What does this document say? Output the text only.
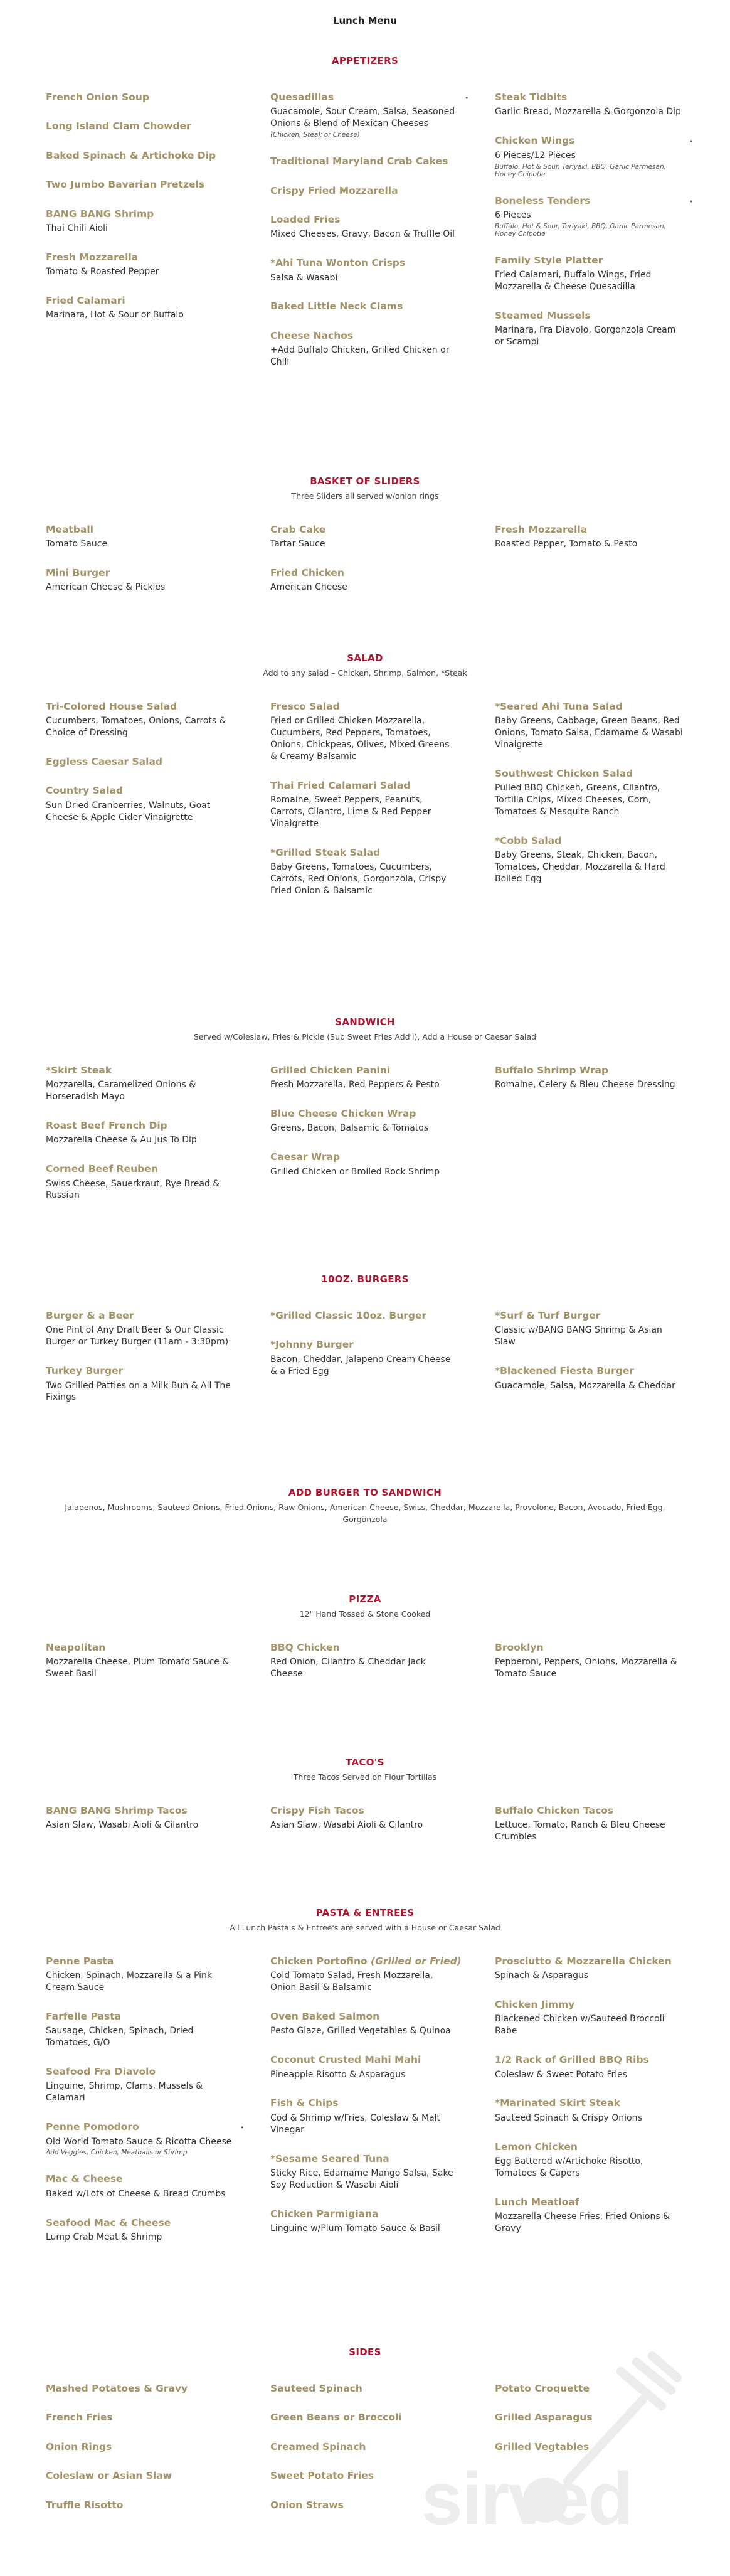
Lunch Menu
APPETIZERS
French Onion Soup
Long Island Clam Chowder
Baked Spinach & Artichoke Dip
Two Jumbo Bavarian Pretzels
BANG BANG Shrimp
Thai Chili Aioli
Fresh Mozzarella
Tomato & Roasted Pepper
Fried Calamari
Marinara, Hot & Sour or Buffalo
Quesadillas
Guacamole, Sour Cream, Salsa, Seasoned Onions & Blend of Mexican Cheeses
(Chicken, Steak or Cheese)
•
Traditional Maryland Crab Cakes
Crispy Fried Mozzarella
Loaded Fries
Mixed Cheeses, Gravy, Bacon & Truffle Oil
*Ahi Tuna Wonton Crisps
Salsa & Wasabi
Baked Little Neck Clams
Cheese Nachos
+Add Buffalo Chicken, Grilled Chicken or Chili
Steak Tidbits
Garlic Bread, Mozzarella & Gorgonzola Dip
Chicken Wings
6 Pieces/12 Pieces
Buffalo, Hot & Sour, Teriyaki, BBQ, Garlic Parmesan, Honey Chipotle
•
Boneless Tenders
6 Pieces
Buffalo, Hot & Sour, Teriyaki, BBQ, Garlic Parmesan, Honey Chipotle
•
Family Style Platter
Fried Calamari, Buffalo Wings, Fried Mozzarella & Cheese Quesadilla
Steamed Mussels
Marinara, Fra Diavolo, Gorgonzola Cream or Scampi
BASKET OF SLIDERS
Three Sliders all served w/onion rings
Meatball
Tomato Sauce
Mini Burger
American Cheese & Pickles
Crab Cake
Tartar Sauce
Fried Chicken
American Cheese
Fresh Mozzarella
Roasted Pepper, Tomato & Pesto
SALAD
Add to any salad – Chicken, Shrimp, Salmon, *Steak
Tri-Colored House Salad
Cucumbers, Tomatoes, Onions, Carrots & Choice of Dressing
Eggless Caesar Salad
Country Salad
Sun Dried Cranberries, Walnuts, Goat Cheese & Apple Cider Vinaigrette
Fresco Salad
Fried or Grilled Chicken Mozzarella, Cucumbers, Red Peppers, Tomatoes, Onions, Chickpeas, Olives, Mixed Greens & Creamy Balsamic
Thai Fried Calamari Salad
Romaine, Sweet Peppers, Peanuts, Carrots, Cilantro, Lime & Red Pepper Vinaigrette
*Grilled Steak Salad
Baby Greens, Tomatoes, Cucumbers, Carrots, Red Onions, Gorgonzola, Crispy Fried Onion & Balsamic
*Seared Ahi Tuna Salad
Baby Greens, Cabbage, Green Beans, Red Onions, Tomato Salsa, Edamame & Wasabi Vinaigrette
Southwest Chicken Salad
Pulled BBQ Chicken, Greens, Cilantro, Tortilla Chips, Mixed Cheeses, Corn, Tomatoes & Mesquite Ranch
*Cobb Salad
Baby Greens, Steak, Chicken, Bacon, Tomatoes, Cheddar, Mozzarella & Hard Boiled Egg
SANDWICH
Served w/Coleslaw, Fries & Pickle (Sub Sweet Fries Add'l), Add a House or Caesar Salad
*Skirt Steak
Mozzarella, Caramelized Onions & Horseradish Mayo
Roast Beef French Dip
Mozzarella Cheese & Au Jus To Dip
Corned Beef Reuben
Swiss Cheese, Sauerkraut, Rye Bread & Russian
Grilled Chicken Panini
Fresh Mozzarella, Red Peppers & Pesto
Blue Cheese Chicken Wrap
Greens, Bacon, Balsamic & Tomatos
Caesar Wrap
Grilled Chicken or Broiled Rock Shrimp
Buffalo Shrimp Wrap
Romaine, Celery & Bleu Cheese Dressing
10OZ. BURGERS
Burger & a Beer
One Pint of Any Draft Beer & Our Classic Burger or Turkey Burger (11am - 3:30pm)
Turkey Burger
Two Grilled Patties on a Milk Bun & All The Fixings
*Grilled Classic 10oz. Burger
*Johnny Burger
Bacon, Cheddar, Jalapeno Cream Cheese & a Fried Egg
*Surf & Turf Burger
Classic w/BANG BANG Shrimp & Asian Slaw
*Blackened Fiesta Burger
Guacamole, Salsa, Mozzarella & Cheddar
ADD BURGER TO SANDWICH
Jalapenos, Mushrooms, Sauteed Onions, Fried Onions, Raw Onions, American Cheese, Swiss, Cheddar, Mozzarella, Provolone, Bacon, Avocado, Fried Egg, Gorgonzola
PIZZA
12" Hand Tossed & Stone Cooked
Neapolitan
Mozzarella Cheese, Plum Tomato Sauce & Sweet Basil
BBQ Chicken
Red Onion, Cilantro & Cheddar Jack Cheese
Brooklyn
Pepperoni, Peppers, Onions, Mozzarella & Tomato Sauce
TACO'S
Three Tacos Served on Flour Tortillas
BANG BANG Shrimp Tacos
Asian Slaw, Wasabi Aioli & Cilantro
Crispy Fish Tacos
Asian Slaw, Wasabi Aioli & Cilantro
Buffalo Chicken Tacos
Lettuce, Tomato, Ranch & Bleu Cheese Crumbles
PASTA & ENTREES
All Lunch Pasta's & Entree's are served with a House or Caesar Salad
Penne Pasta
Chicken, Spinach, Mozzarella & a Pink Cream Sauce
Farfelle Pasta
Sausage, Chicken, Spinach, Dried Tomatoes, G/O
Seafood Fra Diavolo
Linguine, Shrimp, Clams, Mussels & Calamari
Penne Pomodoro
Old World Tomato Sauce & Ricotta Cheese
Add Veggies, Chicken, Meatballs or Shrimp
•
Mac & Cheese
Baked w/Lots of Cheese & Bread Crumbs
Seafood Mac & Cheese
Lump Crab Meat & Shrimp
Chicken Portofino (Grilled or Fried)
Cold Tomato Salad, Fresh Mozzarella, Onion Basil & Balsamic
Oven Baked Salmon
Pesto Glaze, Grilled Vegetables & Quinoa
Coconut Crusted Mahi Mahi
Pineapple Risotto & Asparagus
Fish & Chips
Cod & Shrimp w/Fries, Coleslaw & Malt Vinegar
*Sesame Seared Tuna
Sticky Rice, Edamame Mango Salsa, Sake Soy Reduction & Wasabi Aioli
Chicken Parmigiana
Linguine w/Plum Tomato Sauce & Basil
Prosciutto & Mozzarella Chicken
Spinach & Asparagus
Chicken Jimmy
Blackened Chicken w/Sauteed Broccoli Rabe
1/2 Rack of Grilled BBQ Ribs
Coleslaw & Sweet Potato Fries
*Marinated Skirt Steak
Sauteed Spinach & Crispy Onions
Lemon Chicken
Egg Battered w/Artichoke Risotto, Tomatoes & Capers
Lunch Meatloaf
Mozzarella Cheese Fries, Fried Onions & Gravy
SIDES
Mashed Potatoes & Gravy
French Fries
Onion Rings
Coleslaw or Asian Slaw
Truffle Risotto
Sauteed Spinach
Green Beans or Broccoli
Creamed Spinach
Sweet Potato Fries
Onion Straws
Potato Croquette
Grilled Asparagus
Grilled Vegtables
sirved
